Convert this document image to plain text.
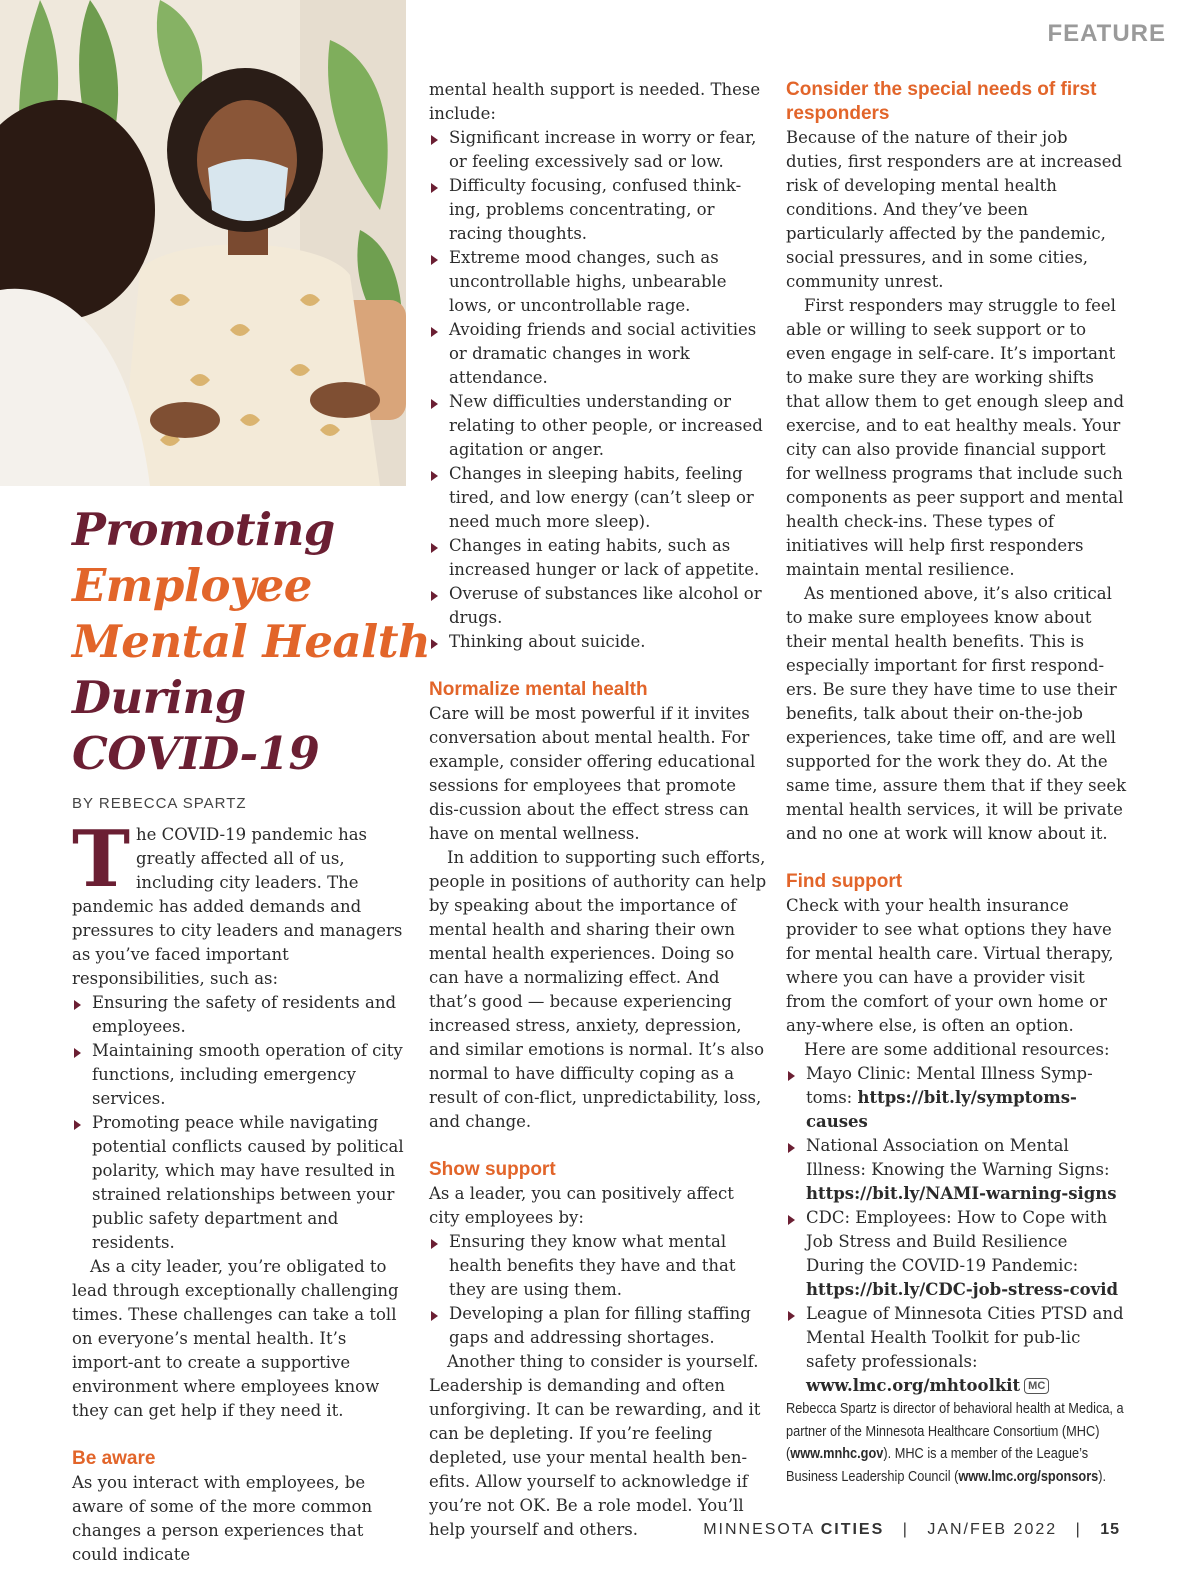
FEATURE
Promoting
Employee
Mental Health
During
COVID-19
BY REBECCA SPARTZ

The COVID-19 pandemic has greatly affected all of us, including city leaders. The pandemic has added demands and pressures to city leaders and managers as you’ve faced important responsibilities, such as:

Ensuring the safety of residents and employees.
Maintaining smooth operation of city functions, including emergency services.
Promoting peace while navigating potential conflicts caused by political polarity, which may have resulted in strained relationships between your public safety department and residents.

As a city leader, you’re obligated to lead through exceptionally challenging times. These challenges can take a toll on everyone’s mental health. It’s import-ant to create a supportive environment where employees know they can get help if they need it.

Be aware

As you interact with employees, be aware of some of the more common changes a person experiences that could indicate

mental health support is needed. These include:

Significant increase in worry or fear, or feeling excessively sad or low.
Difficulty focusing, confused think-ing, problems concentrating, or racing thoughts.
Extreme mood changes, such as uncontrollable highs, unbearable lows, or uncontrollable rage.
Avoiding friends and social activities or dramatic changes in work attendance.
New difficulties understanding or relating to other people, or increased agitation or anger.
Changes in sleeping habits, feeling tired, and low energy (can’t sleep or need much more sleep).
Changes in eating habits, such as increased hunger or lack of appetite.
Overuse of substances like alcohol or drugs.
Thinking about suicide.
Normalize mental health

Care will be most powerful if it invites conversation about mental health. For example, consider offering educational sessions for employees that promote dis-cussion about the effect stress can have on mental wellness.

In addition to supporting such efforts, people in positions of authority can help by speaking about the importance of mental health and sharing their own mental health experiences. Doing so can have a normalizing effect. And that’s good — because experiencing increased stress, anxiety, depression, and similar emotions is normal. It’s also normal to have difficulty coping as a result of con-flict, unpredictability, loss, and change.

Show support

As a leader, you can positively affect city employees by:

Ensuring they know what mental health benefits they have and that they are using them.
Developing a plan for filling staffing gaps and addressing shortages.

Another thing to consider is yourself. Leadership is demanding and often unforgiving. It can be rewarding, and it can be depleting. If you’re feeling depleted, use your mental health ben-efits. Allow yourself to acknowledge if you’re not OK. Be a role model. You’ll help yourself and others.

Consider the special needs of first responders

Because of the nature of their job duties, first responders are at increased risk of developing mental health conditions. And they’ve been particularly affected by the pandemic, social pressures, and in some cities, community unrest.

First responders may struggle to feel able or willing to seek support or to even engage in self-care. It’s important to make sure they are working shifts that allow them to get enough sleep and exercise, and to eat healthy meals. Your city can also provide financial support for wellness programs that include such components as peer support and mental health check-ins. These types of initiatives will help first responders maintain mental resilience.

As mentioned above, it’s also critical to make sure employees know about their mental health benefits. This is especially important for first respond-ers. Be sure they have time to use their benefits, talk about their on-the-job experiences, take time off, and are well supported for the work they do. At the same time, assure them that if they seek mental health services, it will be private and no one at work will know about it.

Find support

Check with your health insurance provider to see what options they have for mental health care. Virtual therapy, where you can have a provider visit from the comfort of your own home or any-where else, is often an option.

Here are some additional resources:

Mayo Clinic: Mental Illness Symp-toms: https://bit.ly/symptoms-causes
National Association on Mental Illness: Knowing the Warning Signs: https://bit.ly/NAMI-warning-signs
CDC: Employees: How to Cope with Job Stress and Build Resilience During the COVID-19 Pandemic: https://bit.ly/CDC-job-stress-covid
League of Minnesota Cities PTSD and Mental Health Toolkit for pub-lic safety professionals: www.lmc.org/mhtoolkit MC
Rebecca Spartz is director of behavioral health at Medica, a partner of the Minnesota Healthcare Consortium (MHC) (www.mnhc.gov). MHC is a member of the League’s Business Leadership Council (www.lmc.org/sponsors).
MINNESOTA CITIES | JAN/FEB 2022 | 15
